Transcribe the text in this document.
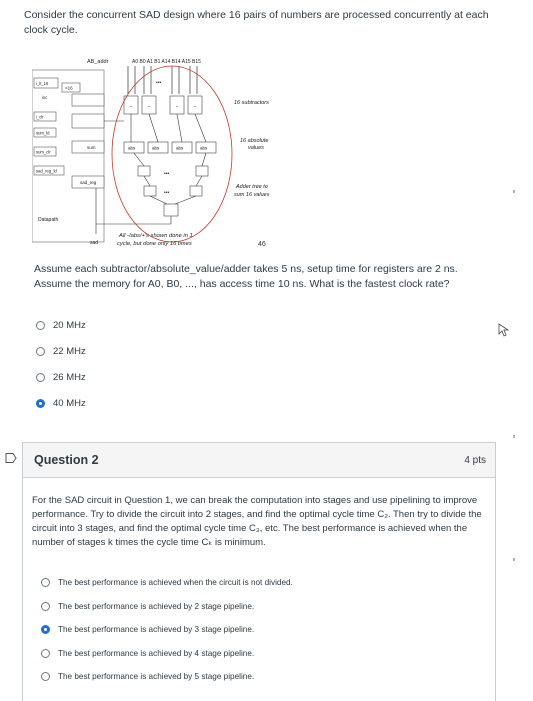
Consider the concurrent SAD design where 16 pairs of numbers are processed concurrently at each clock cycle.
AB_addr	A0 B0 A1 B1 A14 B14 A15 B15
i_lt_16
<16
inc
i_clr
sum_ld
sum_clr
sad_reg_ld
Datapath
sum
sad_reg
sad
•••
-	-	-	-
abs	abs	abs	abs
•••
•••
16 subtractors
16 absolute
values
Adder tree to
sum 16 values
All -/abs/+'s shown done in 1
cycle, but done only 16 times	46
Assume each subtractor/absolute_value/adder takes 5 ns, setup time for registers are 2 ns. Assume the memory for A0, B0, ..., has access time 10 ns. What is the fastest clock rate?
20 MHz
22 MHz
26 MHz
40 MHz
Question 2	4 pts
For the SAD circuit in Question 1, we can break the computation into stages and use pipelining to improve performance. Try to divide the circuit into 2 stages, and find the optimal cycle time C₂. Then try to divide the circuit into 3 stages, and find the optimal cycle time C₃, etc. The best performance is achieved when the number of stages k times the cycle time Cₖ is minimum.
The best performance is achieved when the circuit is not divided.
The best performance is achieved by 2 stage pipeline.
The best performance is achieved by 3 stage pipeline.
The best performance is achieved by 4 stage pipeline.
The best performance is achieved by 5 stage pipeline.
